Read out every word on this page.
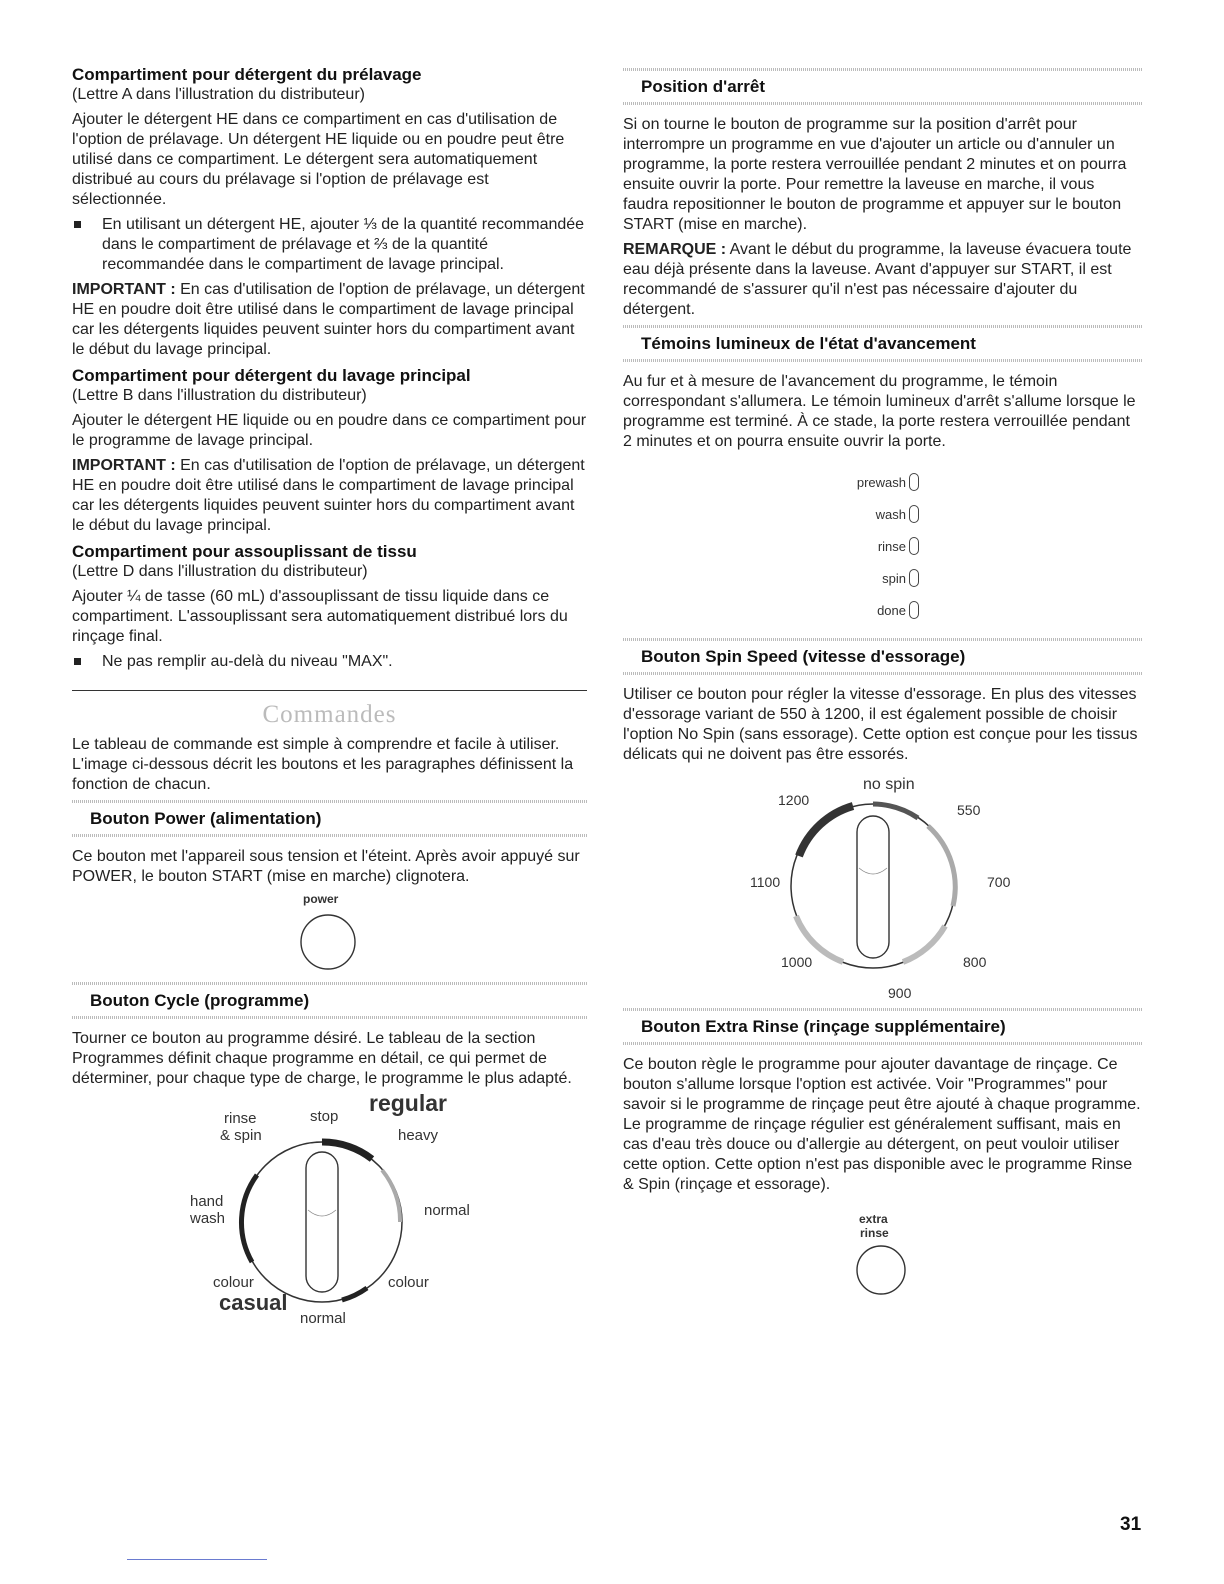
Compartiment pour détergent du prélavage

(Lettre A dans l'illustration du distributeur)

Ajouter le détergent HE dans ce compartiment en cas d'utilisation de l'option de prélavage. Un détergent HE liquide ou en poudre peut être utilisé dans ce compartiment. Le détergent sera automatiquement distribué au cours du prélavage si l'option de prélavage est sélectionnée.

En utilisant un détergent HE, ajouter ⅓ de la quantité recommandée dans le compartiment de prélavage et ⅔ de la quantité recommandée dans le compartiment de lavage principal.

IMPORTANT : En cas d'utilisation de l'option de prélavage, un détergent HE en poudre doit être utilisé dans le compartiment de lavage principal car les détergents liquides peuvent suinter hors du compartiment avant le début du lavage principal.

Compartiment pour détergent du lavage principal

(Lettre B dans l'illustration du distributeur)

Ajouter le détergent HE liquide ou en poudre dans ce compartiment pour le programme de lavage principal.

IMPORTANT : En cas d'utilisation de l'option de prélavage, un détergent HE en poudre doit être utilisé dans le compartiment de lavage principal car les détergents liquides peuvent suinter hors du compartiment avant le début du lavage principal.

Compartiment pour assouplissant de tissu

(Lettre D dans l'illustration du distributeur)

Ajouter ¼ de tasse (60 mL) d'assouplissant de tissu liquide dans ce compartiment. L'assouplissant sera automatiquement distribué lors du rinçage final.

Ne pas remplir au-delà du niveau "MAX".
Commandes

Le tableau de commande est simple à comprendre et facile à utiliser. L'image ci-dessous décrit les boutons et les paragraphes définissent la fonction de chacun.

Bouton Power (alimentation)

Ce bouton met l'appareil sous tension et l'éteint. Après avoir appuyé sur POWER, le bouton START (mise en marche) clignotera.

power
Bouton Cycle (programme)

Tourner ce bouton au programme désiré. Le tableau de la section Programmes définit chaque programme en détail, ce qui permet de déterminer, pour chaque type de charge, le programme le plus adapté.

rinse
& spin
stop
regular
heavy
hand
wash	normal
colour	colour
casual
normal
Position d'arrêt

Si on tourne le bouton de programme sur la position d'arrêt pour interrompre un programme en vue d'ajouter un article ou d'annuler un programme, la porte restera verrouillée pendant 2 minutes et on pourra ensuite ouvrir la porte. Pour remettre la laveuse en marche, il vous faudra repositionner le bouton de programme et appuyer sur le bouton START (mise en marche).

REMARQUE : Avant le début du programme, la laveuse évacuera toute eau déjà présente dans la laveuse. Avant d'appuyer sur START, il est recommandé de s'assurer qu'il n'est pas nécessaire d'ajouter du détergent.

Témoins lumineux de l'état d'avancement

Au fur et à mesure de l'avancement du programme, le témoin correspondant s'allumera. Le témoin lumineux d'arrêt s'allume lorsque le programme est terminé. À ce stade, la porte restera verrouillée pendant 2 minutes et on pourra ensuite ouvrir la porte.

prewash
wash
rinse
spin
done
Bouton Spin Speed (vitesse d'essorage)

Utiliser ce bouton pour régler la vitesse d'essorage. En plus des vitesses d'essorage variant de 550 à 1200, il est également possible de choisir l'option No Spin (sans essorage). Cette option est conçue pour les tissus délicats qui ne doivent pas être essorés.

no spin
1200
550
1100	700
1000	800
900
Bouton Extra Rinse (rinçage supplémentaire)

Ce bouton règle le programme pour ajouter davantage de rinçage. Ce bouton s'allume lorsque l'option est activée. Voir "Programmes" pour savoir si le programme de rinçage peut être ajouté à chaque programme. Le programme de rinçage régulier est généralement suffisant, mais en cas d'eau très douce ou d'allergie au détergent, on peut vouloir utiliser cette option. Cette option n'est pas disponible avec le programme Rinse & Spin (rinçage et essorage).

extra
rinse
31
